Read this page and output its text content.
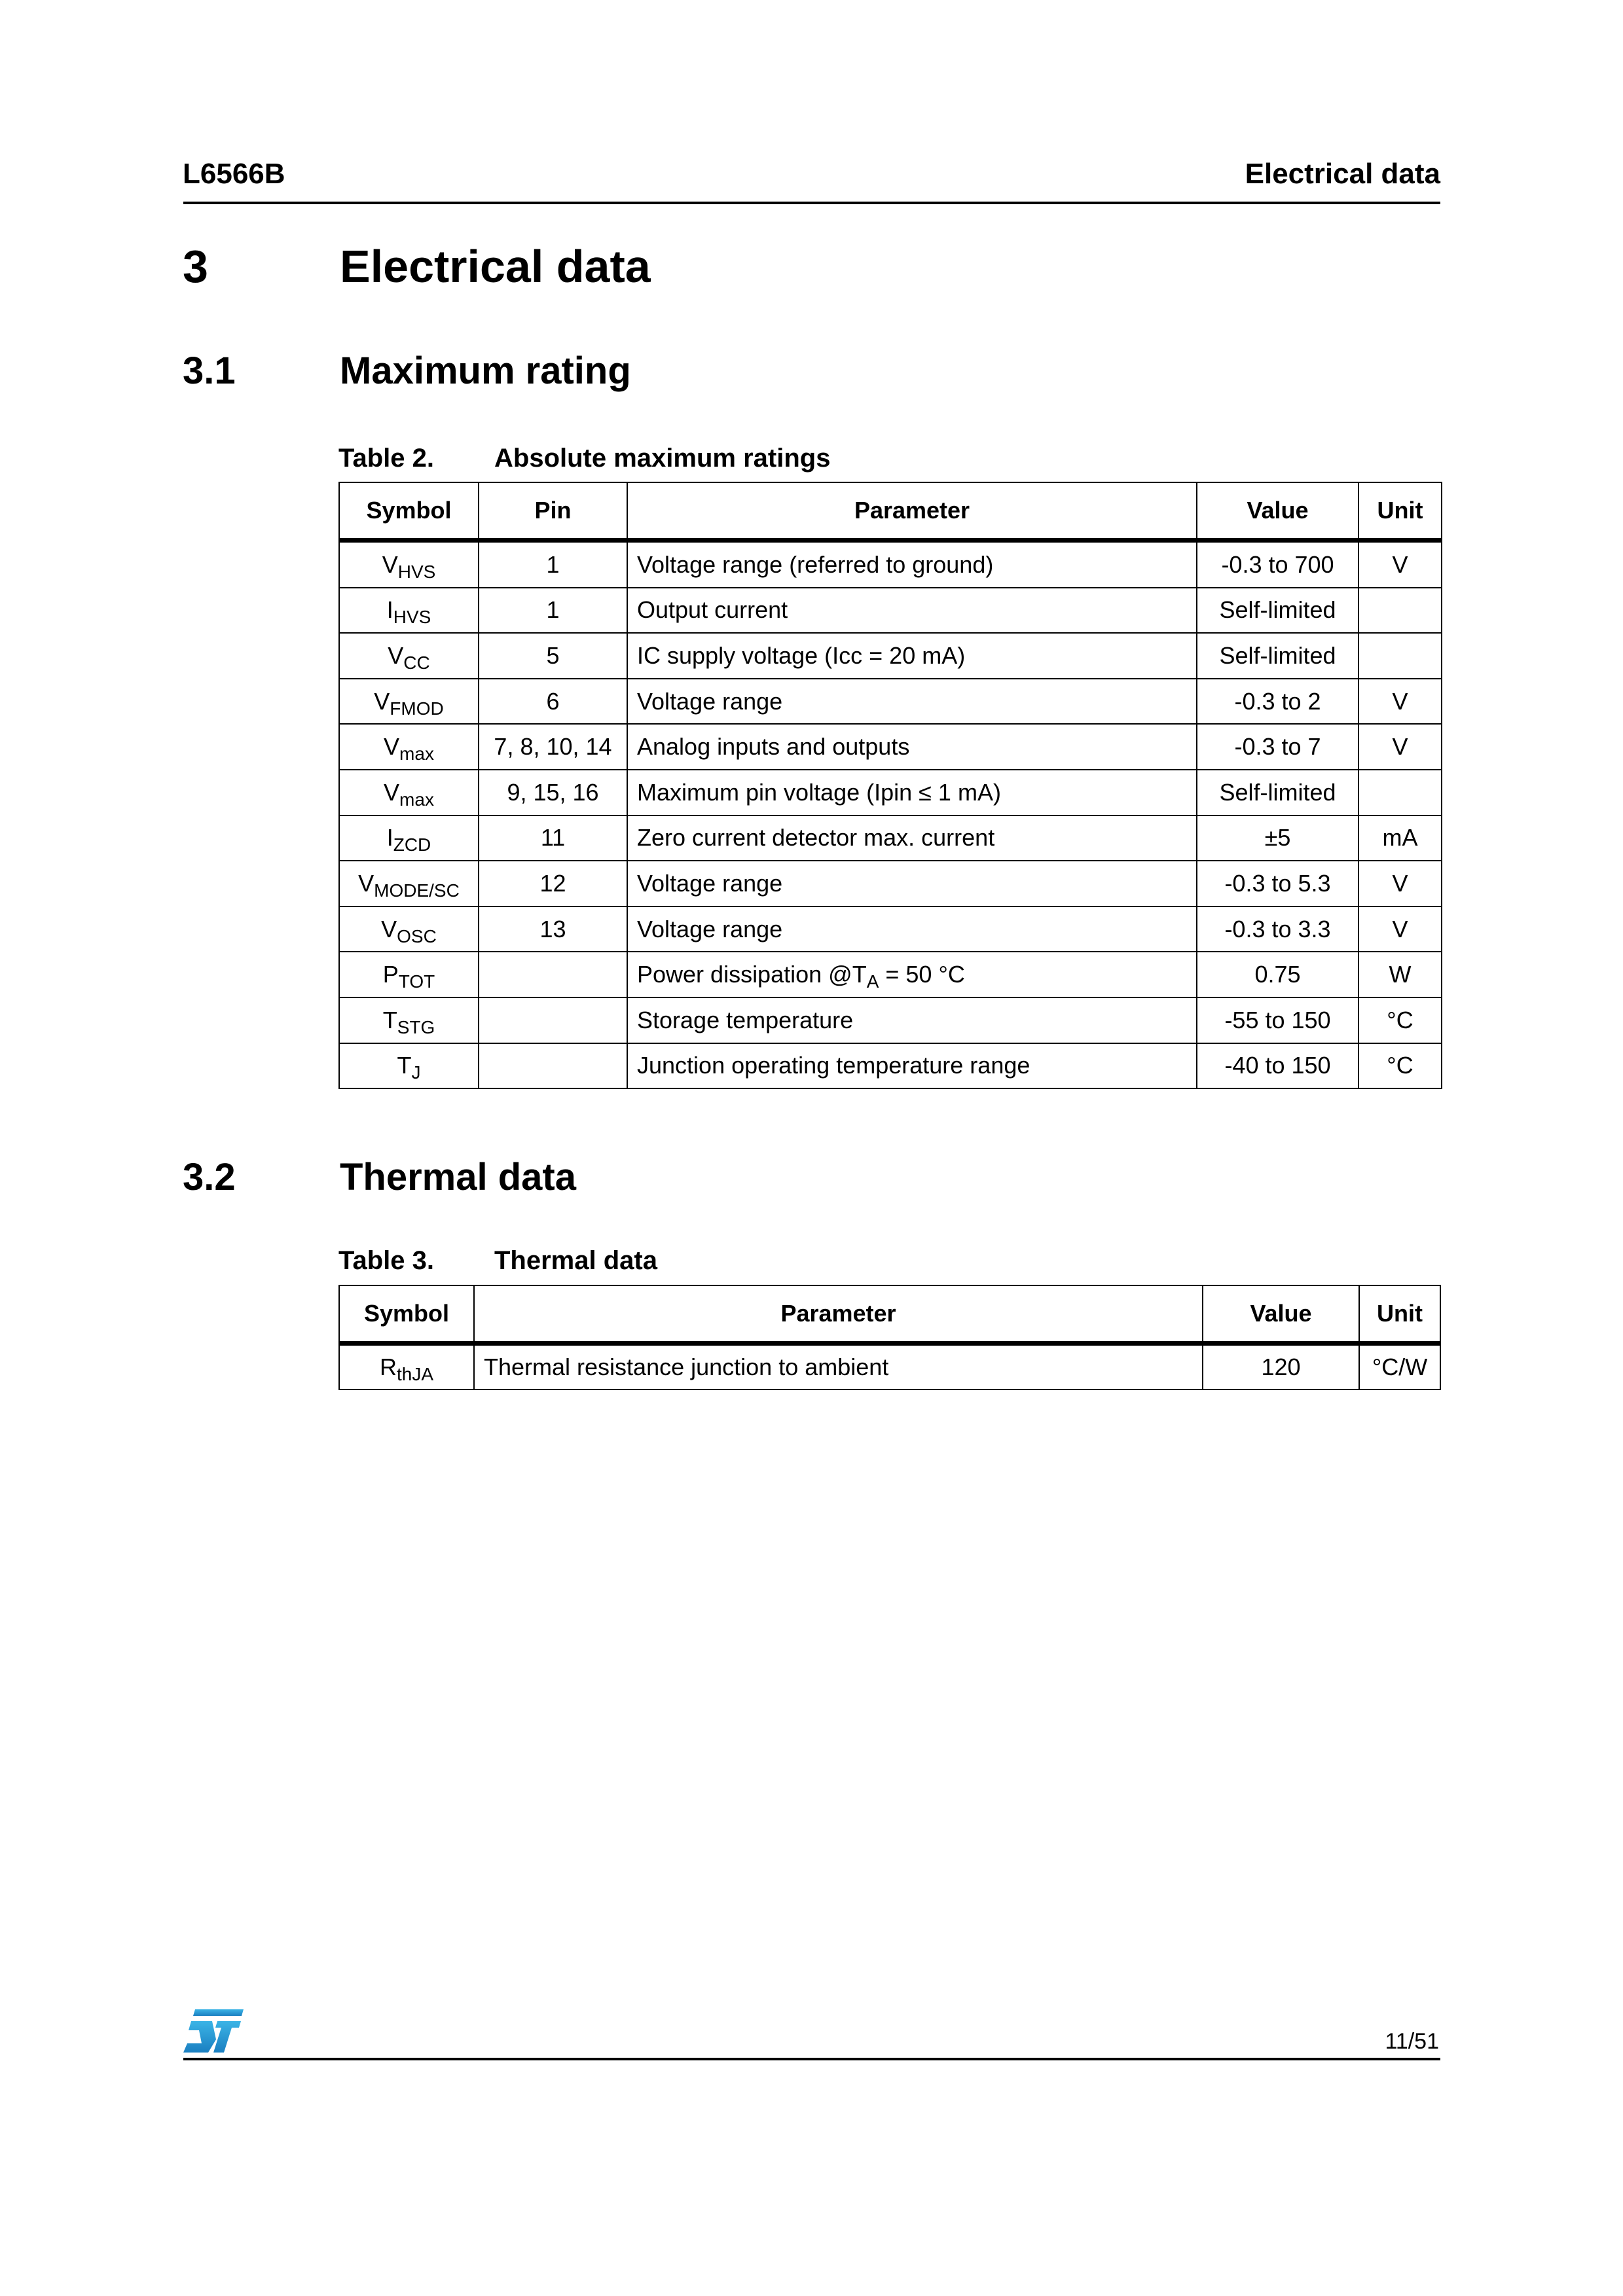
L6566B	Electrical data
3	Electrical data
3.1	Maximum rating
Table 2. Absolute maximum ratings
Symbol	Pin	Parameter	Value	Unit
$V_{HVS}$	1	Voltage range (referred to ground)	-0.3 to 700	V
$I_{HVS}$	1	Output current	Self-limited	
$V_{CC}$	5	IC supply voltage (Icc = 20 mA)	Self-limited	
$V_{FMOD}$	6	Voltage range	-0.3 to 2	V
$V_{max}$	7, 8, 10, 14	Analog inputs and outputs	-0.3 to 7	V
$V_{max}$	9, 15, 16	Maximum pin voltage (Ipin ≤ 1 mA)	Self-limited	
$I_{ZCD}$	11	Zero current detector max. current	±5	mA
$V_{MODE/SC}$	12	Voltage range	-0.3 to 5.3	V
$V_{OSC}$	13	Voltage range	-0.3 to 3.3	V
$P_{TOT}$		Power dissipation $@T_A = 50$ °C	0.75	W
$T_{STG}$		Storage temperature	-55 to 150	°C
$T_J$		Junction operating temperature range	-40 to 150	°C
3.2	Thermal data
Table 3. Thermal data
Symbol	Parameter	Value	Unit
$R_{thJA}$	Thermal resistance junction to ambient	120	°C/W
11/51
